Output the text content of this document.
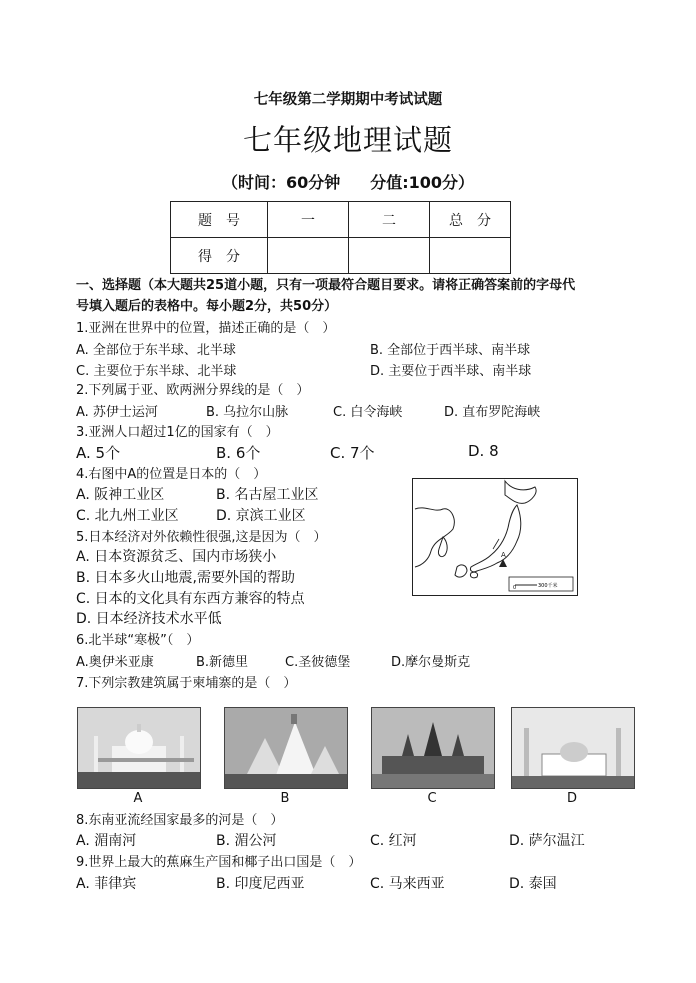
七年级第二学期期中考试试题
七年级地理试题
（时间：60分钟 分值:100分）
题　号	一	二	总　分
得　分			
一、选择题（本大题共25道小题，只有一项最符合题目要求。请将正确答案前的字母代
号填入题后的表格中。每小题2分，共50分）
1.亚洲在世界中的位置，描述正确的是（　）
A. 全部位于东半球、北半球	B. 全部位于西半球、南半球
C. 主要位于东半球、北半球	D. 主要位于西半球、南半球
2.下列属于亚、欧两洲分界线的是（　）
A. 苏伊士运河	B. 乌拉尔山脉	C. 白令海峡	D. 直布罗陀海峡
3.亚洲人口超过1亿的国家有（　）
A. 5个	B. 6个	C. 7个	D. 8
4.右图中A的位置是日本的（　）
A. 阪神工业区	B. 名古屋工业区
C. 北九州工业区	D. 京滨工业区
A
0	300千米
5.日本经济对外依赖性很强,这是因为（　）
A. 日本资源贫乏、国内市场狭小
B. 日本多火山地震,需要外国的帮助
C. 日本的文化具有东西方兼容的特点
D. 日本经济技术水平低
6.北半球“寒极”（　）
A.奥伊米亚康	B.新德里	C.圣彼德堡	D.摩尔曼斯克
7.下列宗教建筑属于柬埔寨的是（　）
A	B	C	D
8.东南亚流经国家最多的河是（　）
A. 湄南河	B. 湄公河	C. 红河	D. 萨尔温江
9.世界上最大的蕉麻生产国和椰子出口国是（　）
A. 菲律宾	B. 印度尼西亚	C. 马来西亚	D. 泰国
